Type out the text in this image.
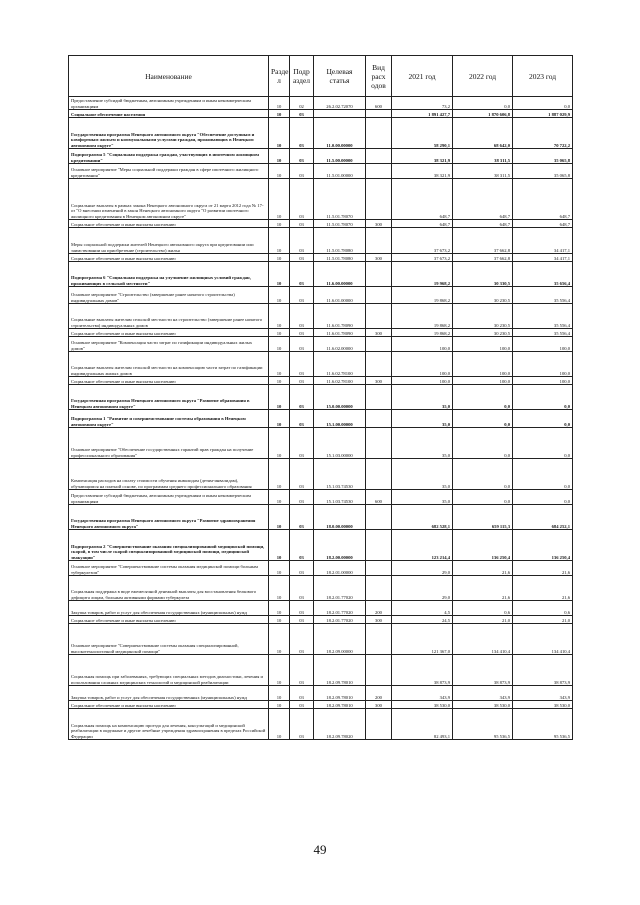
Наименование	Разде л	Подр аздел	Целевая статья	Вид расх одов	2021 год	2022 год	2023 год
Предоставление субсидий бюджетным, автономным учреждениям и иным некоммерческим организациям	10	02	26.2.02.72070	600	73,2	0,0	0,0
Социальное обеспечение населения	10	03			1 891 427,7	1 870 606,8	1 887 029,9
Государственная программа Ненецкого автономного округа "Обеспечение доступным и комфортным жильем и коммунальными услугами граждан, проживающих в Ненецком автономном округе"	10	03	11.0.00.00000		58 290,1	68 642,0	70 722,2
Подпрограмма 5 "Социальная поддержка граждан, участвующих в ипотечном жилищном кредитовании"	10	03	11.5.00.00000		38 321,9	38 311,5	35 065,8
Основное мероприятие "Меры социальной поддержки граждан в сфере ипотечного жилищного кредитования"	10	03	11.5.01.00000		38 321,9	38 311,5	35 065,8
Социальные выплаты в рамках закона Ненецкого автономного округа от 21 марта 2012 года № 17-оз "О внесении изменений в закон Ненецкого автономного округа "О развитии ипотечного жилищного кредитования в Ненецком автономном округе"	10	03	11.5.01.78070		648,7	648,7	648,7
Социальное обеспечение и иные выплаты населению	10	03	11.5.01.78070	300	648,7	648,7	648,7
Меры социальной поддержки жителей Ненецкого автономного округа при кредитовании или заимствовании на приобретение (строительство) жилья	10	03	11.5.01.78080		37 673,2	37 662,8	34 417,1
Социальное обеспечение и иные выплаты населению	10	03	11.5.01.78080	300	37 673,2	37 662,8	34 417,1
Подпрограмма 6 "Социальная поддержка на улучшение жилищных условий граждан, проживающих в сельской местности"	10	03	11.6.00.00000		19 968,2	30 330,5	35 656,4
Основное мероприятие "Строительство (завершение ранее начатого строительства) индивидуальных домов"	10	03	11.6.01.00000		19 868,2	30 230,5	35 556,4
Социальные выплаты жителям сельской местности на строительство (завершение ранее начатого строительства) индивидуальных домов	10	03	11.6.01.78090		19 868,2	30 230,5	35 556,4
Социальное обеспечение и иные выплаты населению	10	03	11.6.01.78090	300	19 868,2	30 230,5	35 556,4
Основное мероприятие "Компенсация части затрат по газификации индивидуальных жилых домов"	10	03	11.6.02.00000		100,0	100,0	100,0
Социальные выплаты жителям сельской местности на компенсацию части затрат по газификации индивидуальных жилых домов	10	03	11.6.02.78100		100,0	100,0	100,0
Социальное обеспечение и иные выплаты населению	10	03	11.6.02.78100	300	100,0	100,0	100,0
Государственная программа Ненецкого автономного округа "Развитие образования в Ненецком автономном округе"	10	03	15.0.00.00000		35,0	0,0	0,0
Подпрограмма 1 "Развитие и совершенствование системы образования в Ненецком автономном округе"	10	03	15.1.00.00000		35,0	0,0	0,0
Основное мероприятие "Обеспечение государственных гарантий прав граждан на получение профессионального образования"	10	03	15.1.03.00000		35,0	0,0	0,0
Компенсация расходов на оплату стоимости обучения инвалидам (детям-инвалидам), обучающимся на платной основе, по программам среднего профессионального образования	10	03	15.1.03.74530		35,0	0,0	0,0
Предоставление субсидий бюджетным, автономным учреждениям и иным некоммерческим организациям	10	03	15.1.03.74530	600	35,0	0,0	0,0
Государственная программа Ненецкого автономного округа "Развитие здравоохранения Ненецкого автономного округа"	10	03	18.0.00.00000		682 528,1	659 115,3	684 252,1
Подпрограмма 2 "Совершенствование оказания специализированной медицинской помощи, скорой, в том числе скорой специализированной медицинской помощи, медицинской эвакуации"	10	03	18.2.00.00000		123 214,4	136 250,4	136 250,4
Основное мероприятие "Совершенствование системы оказания медицинской помощи больным туберкулезом"	10	03	18.2.01.00000		29,0	21,6	21,6
Социальная поддержка в виде ежемесячной денежной выплаты для восстановления белкового дефицита лицам, больным активными формами туберкулеза	10	03	18.2.01.77020		29,0	21,6	21,6
Закупка товаров, работ и услуг для обеспечения государственных (муниципальных) нужд	10	03	18.2.01.77020	200	4,5	0,6	0,6
Социальное обеспечение и иные выплаты населению	10	03	18.2.01.77020	300	24,5	21,0	21,0
Основное мероприятие "Совершенствование системы оказания специализированной, высокотехнологичной медицинской помощи"	10	03	18.2.09.00000		121 367,0	134 410,4	134 410,4
Социальная помощь при заболеваниях, требующих специальных методов диагностики, лечения и использования сложных медицинских технологий и медицинской реабилитации	10	03	18.2.09.78010		38 873,9	38 873,9	38 873,9
Закупка товаров, работ и услуг для обеспечения государственных (муниципальных) нужд	10	03	18.2.09.78010	200	343,9	343,9	343,9
Социальное обеспечение и иные выплаты населению	10	03	18.2.09.78010	300	38 530,0	38 530,0	38 530,0
Социальная помощь на компенсацию проезда для лечения, консультаций и медицинской реабилитации в окружные и другие лечебные учреждения здравоохранения в пределах Российской Федерации	10	03	18.2.09.78020		82 493,1	95 536,5	95 536,5
49
